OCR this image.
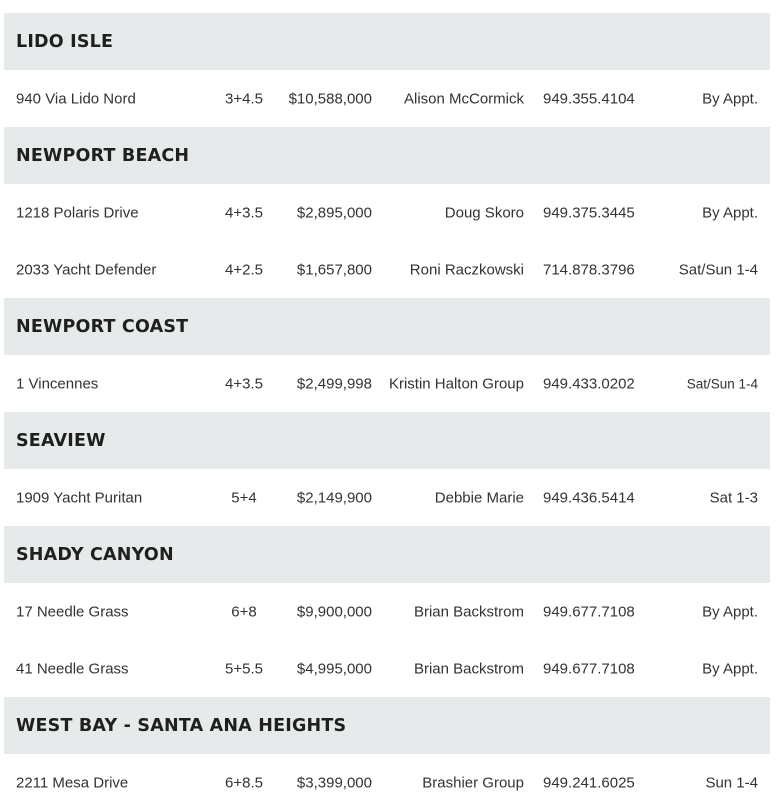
LIDO ISLE
940 Via Lido Nord	3+4.5	$10,588,000	Alison McCormick 949.355.4104	By Appt.
NEWPORT BEACH
1218 Polaris Drive	4+3.5	$2,895,000	Doug Skoro 949.375.3445	By Appt.
2033 Yacht Defender	4+2.5	$1,657,800	Roni Raczkowski 714.878.3796	Sat/Sun 1-4
NEWPORT COAST
1 Vincennes	4+3.5	$2,499,998	Kristin Halton Group 949.433.0202	Sat/Sun 1-4
SEAVIEW
1909 Yacht Puritan	5+4	$2,149,900	Debbie Marie 949.436.5414	Sat 1-3
SHADY CANYON
17 Needle Grass	6+8	$9,900,000	Brian Backstrom 949.677.7108	By Appt.
41 Needle Grass	5+5.5	$4,995,000	Brian Backstrom 949.677.7108	By Appt.
WEST BAY - SANTA ANA HEIGHTS
2211 Mesa Drive	6+8.5	$3,399,000	Brashier Group 949.241.6025	Sun 1-4
